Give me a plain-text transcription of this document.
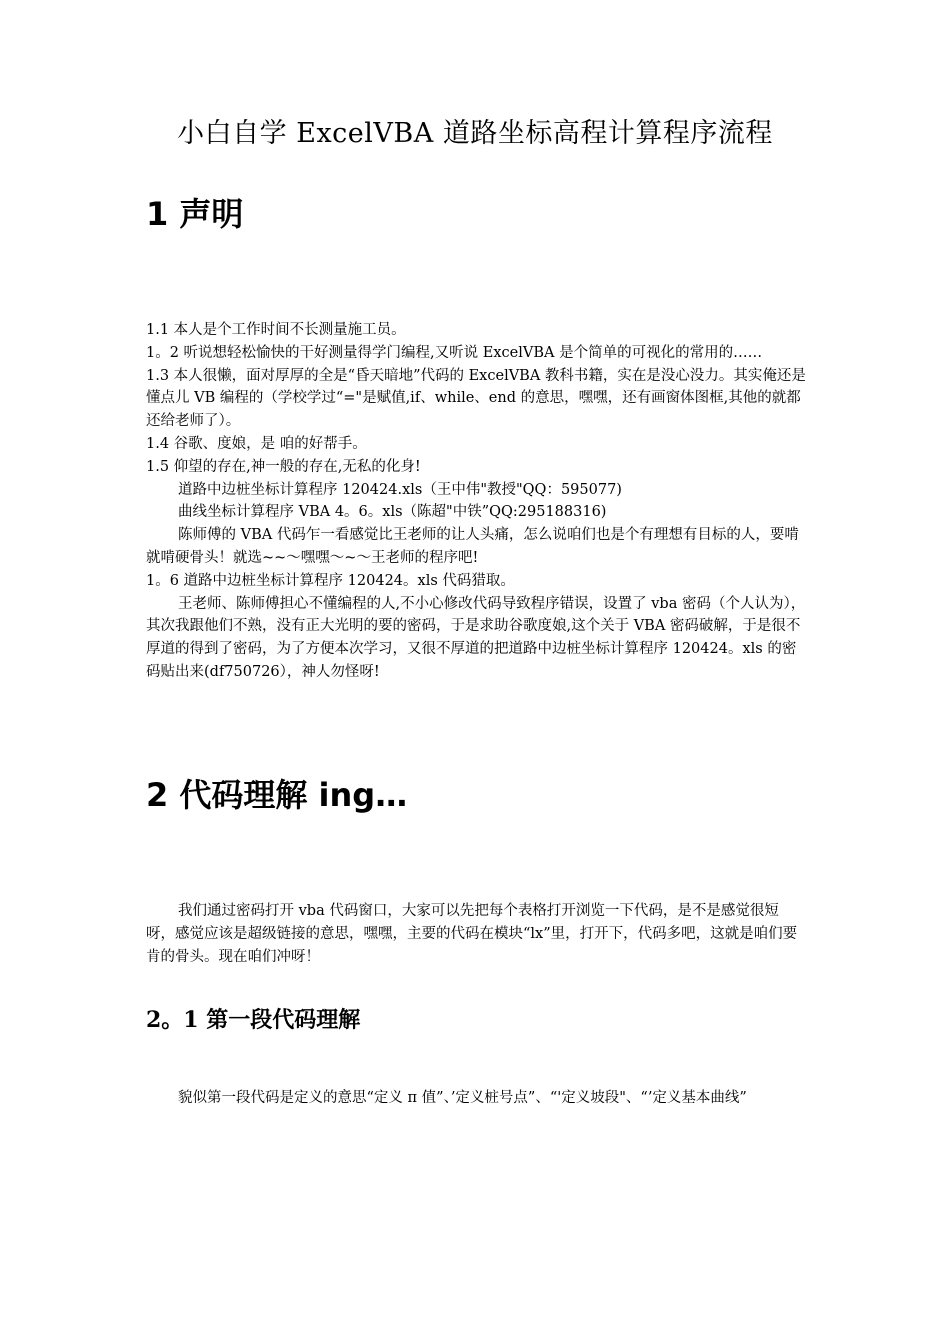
小白自学 ExcelVBA 道路坐标高程计算程序流程
1 声明

1.1 本人是个工作时间不长测量施工员。

1。2 听说想轻松愉快的干好测量得学门编程,又听说 ExcelVBA 是个简单的可视化的常用的……

1.3 本人很懒，面对厚厚的全是“昏天暗地”代码的 ExcelVBA 教科书籍，实在是没心没力。其实俺还是懂点儿 VB 编程的（学校学过“="是赋值,if、while、end 的意思，嘿嘿，还有画窗体图框,其他的就都还给老师了）。

1.4 谷歌、度娘，是 咱的好帮手。

1.5 仰望的存在,神一般的存在,无私的化身!

道路中边桩坐标计算程序 120424.xls（王中伟"教授"QQ：595077)

曲线坐标计算程序 VBA 4。6。xls（陈超"中铁”QQ:295188316)

陈师傅的 VBA 代码乍一看感觉比王老师的让人头痛，怎么说咱们也是个有理想有目标的人，要啃就啃硬骨头！就选~~～嘿嘿～~～王老师的程序吧!

1。6 道路中边桩坐标计算程序 120424。xls 代码猎取。

王老师、陈师傅担心不懂编程的人,不小心修改代码导致程序错误，设置了 vba 密码（个人认为），其次我跟他们不熟，没有正大光明的要的密码，于是求助谷歌度娘,这个关于 VBA 密码破解，于是很不厚道的得到了密码，为了方便本次学习，又很不厚道的把道路中边桩坐标计算程序 120424。xls 的密码贴出来(df750726），神人勿怪呀!

2 代码理解 ing…

我们通过密码打开 vba 代码窗口，大家可以先把每个表格打开浏览一下代码，是不是感觉很短呀，感觉应该是超级链接的意思，嘿嘿，主要的代码在模块“lx”里，打开下，代码多吧，这就是咱们要肯的骨头。现在咱们冲呀！

2。1 第一段代码理解

貌似第一段代码是定义的意思“定义 π 值”、’定义桩号点”、“'定义坡段"、“’定义基本曲线”
